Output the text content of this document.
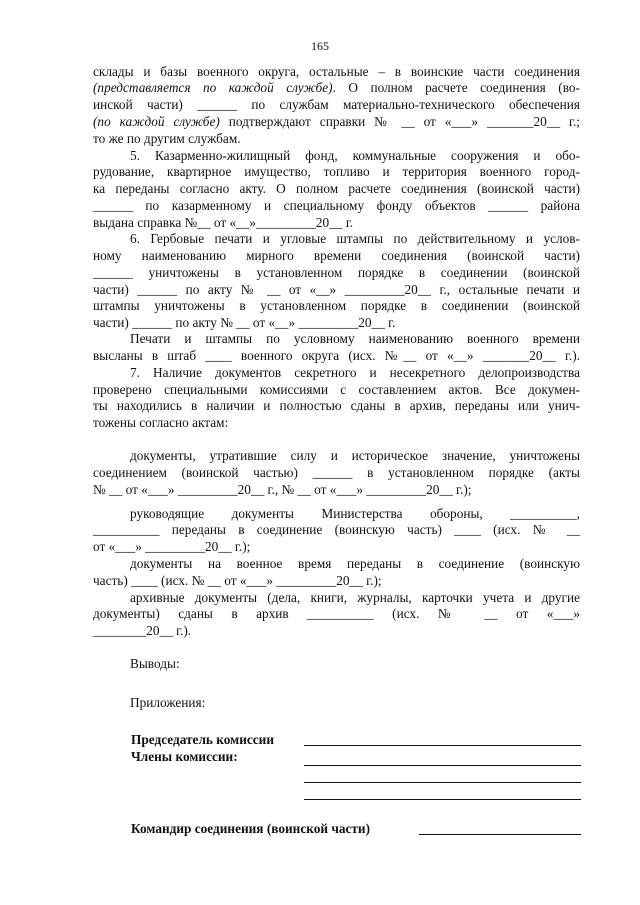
165
склады и базы военного округа, остальные – в воинские части соединения
(представляется по каждой службе). О полном расчете соединения (во-
инской части) ______ по службам материально-технического обеспечения
(по каждой службе) подтверждают справки № __ от «___» _______20__ г.;
то же по другим службам.
5. Казарменно-жилищный фонд, коммунальные сооружения и обо-
рудование, квартирное имущество, топливо и территория военного город-
ка переданы согласно акту. О полном расчете соединения (воинской части)
______ по казарменному и специальному фонду объектов ______ района
выдана справка №__ от «__»_________20__ г.
6. Гербовые печати и угловые штампы по действительному и услов-
ному наименованию мирного времени соединения (воинской части)
______ уничтожены в установленном порядке в соединении (воинской
части) ______ по акту № __ от «__» _________20__ г., остальные печати и
штампы уничтожены в установленном порядке в соединении (воинской
части) ______ по акту № __ от «__» _________20__ г.
Печати и штампы по условному наименованию военного времени
высланы в штаб ____ военного округа (исх. №__ от «__» _______20__ г.).
7. Наличие документов секретного и несекретного делопроизводства
проверено специальными комиссиями с составлением актов. Все докумен-
ты находились в наличии и полностью сданы в архив, переданы или унич-
тожены согласно актам:
документы, утратившие силу и историческое значение, уничтожены
соединением (воинской частью) ______ в установленном порядке (акты
№ __ от «___» _________20__ г., № __ от «___» _________20__ г.);
руководящие документы Министерства обороны, __________,
__________ переданы в соединение (воинскую часть) ____ (исх. № __
от «___» _________20__ г.);
документы на военное время переданы в соединение (воинскую
часть) ____ (исх. № __ от «___» _________20__ г.);
архивные документы (дела, книги, журналы, карточки учета и другие
документы) сданы в архив __________ (исх. № __ от «___»
________20__ г.).
Выводы:
Приложения:
Председатель комиссии
Члены комиссии:
Командир соединения (воинской части)
